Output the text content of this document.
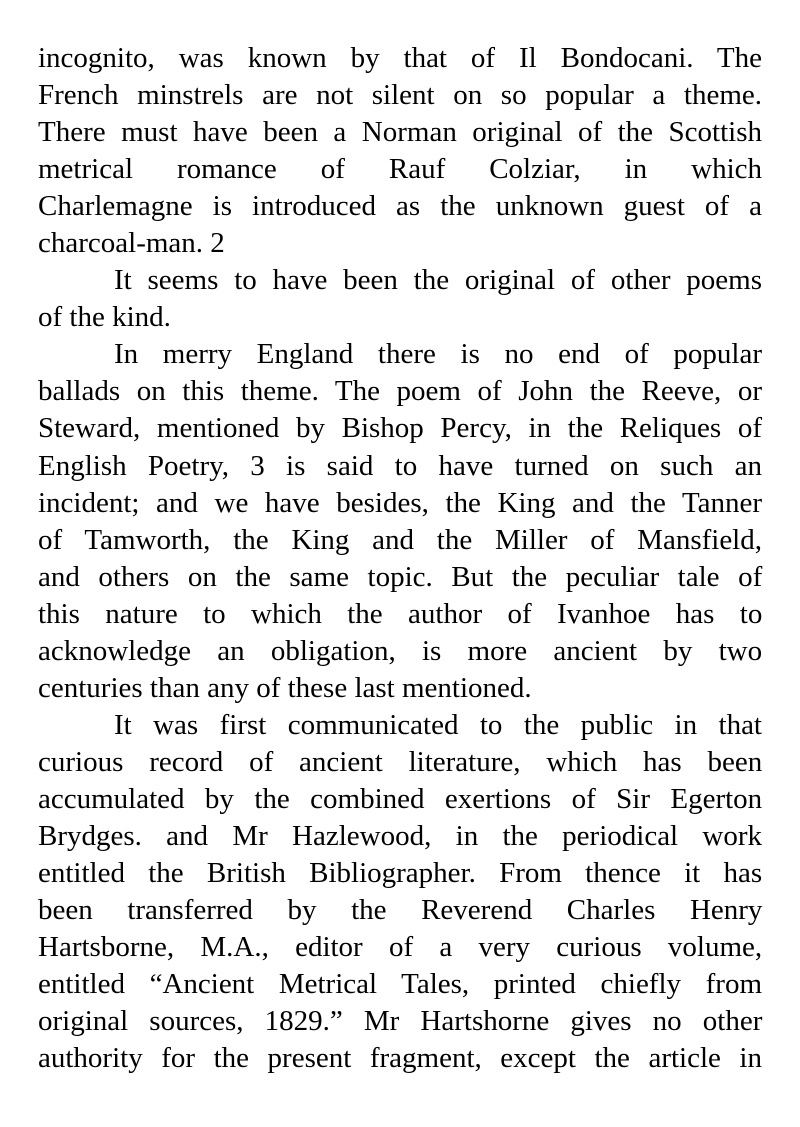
incognito, was known by that of Il Bondocani. The
French minstrels are not silent on so popular a theme.
There must have been a Norman original of the Scottish
metrical romance of Rauf Colziar, in which
Charlemagne is introduced as the unknown guest of a
charcoal-man. 2
It seems to have been the original of other poems
of the kind.
In merry England there is no end of popular
ballads on this theme. The poem of John the Reeve, or
Steward, mentioned by Bishop Percy, in the Reliques of
English Poetry, 3 is said to have turned on such an
incident; and we have besides, the King and the Tanner
of Tamworth, the King and the Miller of Mansfield,
and others on the same topic. But the peculiar tale of
this nature to which the author of Ivanhoe has to
acknowledge an obligation, is more ancient by two
centuries than any of these last mentioned.
It was first communicated to the public in that
curious record of ancient literature, which has been
accumulated by the combined exertions of Sir Egerton
Brydges. and Mr Hazlewood, in the periodical work
entitled the British Bibliographer. From thence it has
been transferred by the Reverend Charles Henry
Hartsborne, M.A., editor of a very curious volume,
entitled “Ancient Metrical Tales, printed chiefly from
original sources, 1829.” Mr Hartshorne gives no other
authority for the present fragment, except the article in
